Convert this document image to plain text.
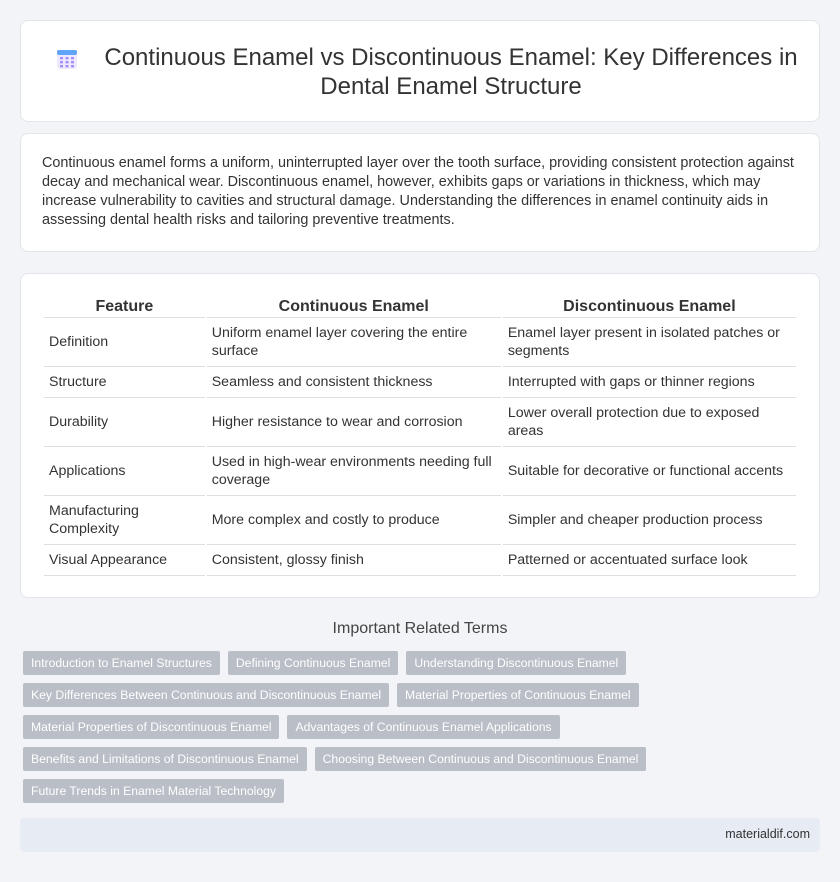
Continuous Enamel vs Discontinuous Enamel: Key Differences in Dental Enamel Structure

Continuous enamel forms a uniform, uninterrupted layer over the tooth surface, providing consistent protection against decay and mechanical wear. Discontinuous enamel, however, exhibits gaps or variations in thickness, which may increase vulnerability to cavities and structural damage. Understanding the differences in enamel continuity aids in assessing dental health risks and tailoring preventive treatments.

Feature	Continuous Enamel	Discontinuous Enamel
Definition	Uniform enamel layer covering the entire surface	Enamel layer present in isolated patches or segments
Structure	Seamless and consistent thickness	Interrupted with gaps or thinner regions
Durability	Higher resistance to wear and corrosion	Lower overall protection due to exposed areas
Applications	Used in high-wear environments needing full coverage	Suitable for decorative or functional accents
Manufacturing Complexity	More complex and costly to produce	Simpler and cheaper production process
Visual Appearance	Consistent, glossy finish	Patterned or accentuated surface look
Important Related Terms
Introduction to Enamel Structures	Defining Continuous Enamel	Understanding Discontinuous Enamel
Key Differences Between Continuous and Discontinuous Enamel	Material Properties of Continuous Enamel
Material Properties of Discontinuous Enamel	Advantages of Continuous Enamel Applications
Benefits and Limitations of Discontinuous Enamel	Choosing Between Continuous and Discontinuous Enamel
Future Trends in Enamel Material Technology
materialdif.com
